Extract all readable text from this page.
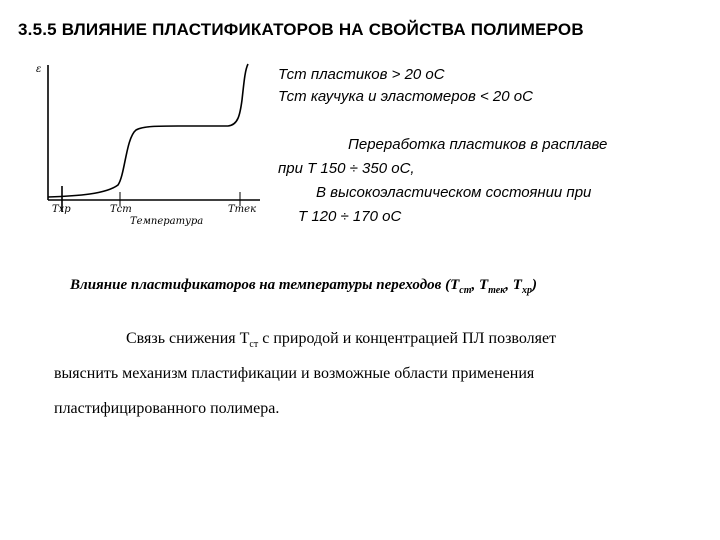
3.5.5 ВЛИЯНИЕ ПЛАСТИФИКАТОРОВ НА СВОЙСТВА ПОЛИМЕРОВ
ε
Тхр	Тст	Ттек
Температура
Тст пластиков > 20 oC
Тст каучука и эластомеров < 20 oC
Переработка пластиков в расплаве
при Т 150 ÷ 350 oC,
В высокоэластическом состоянии при
Т 120 ÷ 170 oC
Влияние пластификаторов на температуры переходов ($Т_{ст}$, $Т_{тек}$, $Т_{хр}$)
Связь снижения $Т_{ст}$ с природой и концентрацией ПЛ позволяет
выяснить механизм пластификации и возможные области применения
пластифицированного полимера.
